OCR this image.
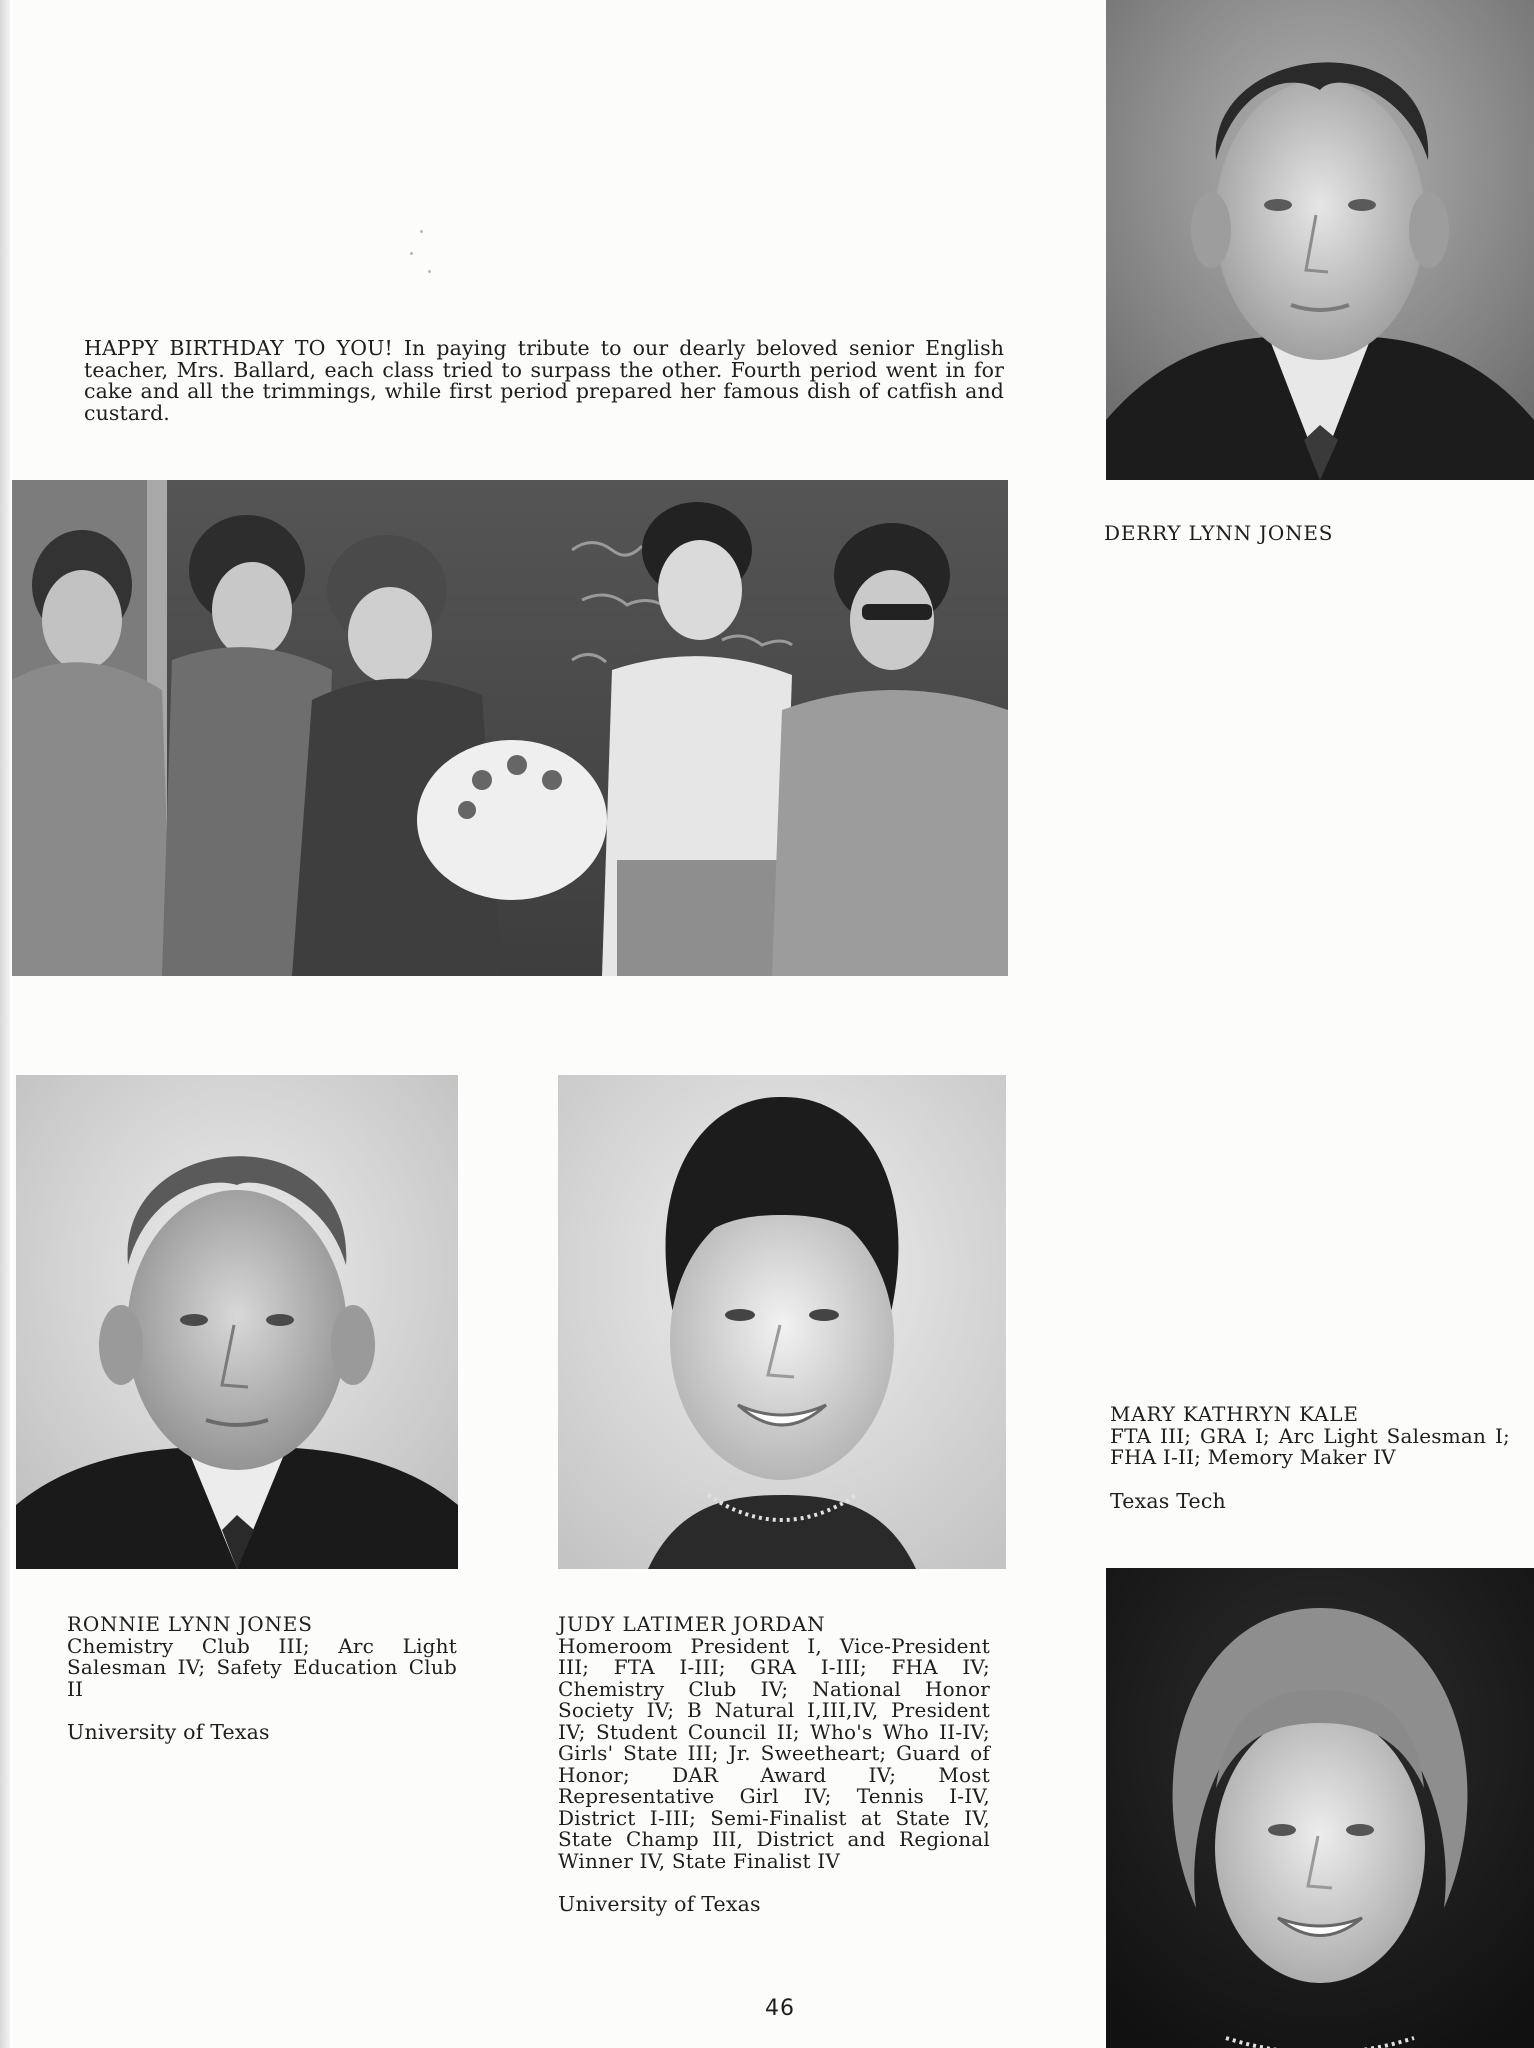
HAPPY BIRTHDAY TO YOU! In paying tribute to our dearly beloved senior English teacher, Mrs. Ballard, each class tried to surpass the other. Fourth period went in for cake and all the trimmings, while first period prepared her famous dish of catfish and custard.

DERRY LYNN JONES
RONNIE LYNN JONES
Chemistry Club III; Arc Light Salesman IV; Safety Education Club II
University of Texas
JUDY LATIMER JORDAN
Homeroom President I, Vice-President III; FTA I-III; GRA I-III; FHA IV; Chemistry Club IV; National Honor Society IV; B Natural I,III,IV, President IV; Student Council II; Who's Who II-IV; Girls' State III; Jr. Sweetheart; Guard of Honor; DAR Award IV; Most Representative Girl IV; Tennis I-IV, District I-III; Semi-Finalist at State IV, State Champ III, District and Regional Winner IV, State Finalist IV
University of Texas
MARY KATHRYN KALE
FTA III; GRA I; Arc Light Salesman I; FHA I-II; Memory Maker IV
Texas Tech
46
